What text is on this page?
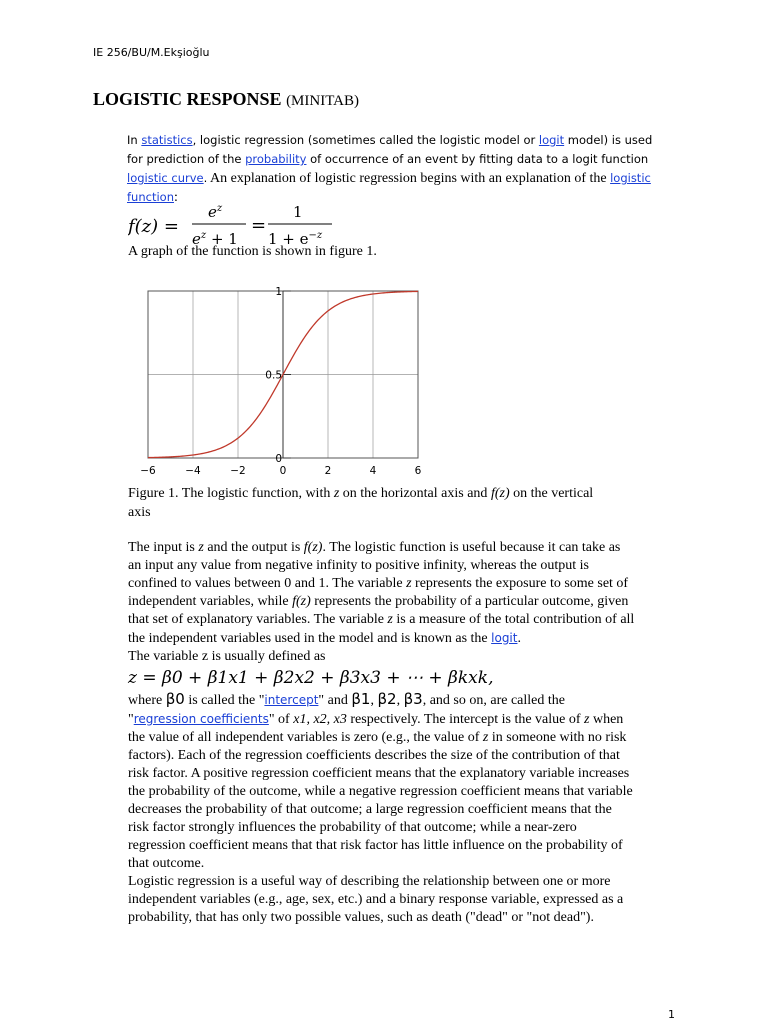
IE 256/BU/M.Ekşioğlu
LOGISTIC RESPONSE (MINITAB)
In statistics, logistic regression (sometimes called the logistic model or logit model) is used for prediction of the probability of occurrence of an event by fitting data to a logit function logistic curve. An explanation of logistic regression begins with an explanation of the logistic function:
f(z) =
$e^z$
$e^z + 1$
=
1
$1 + e^{-z}$
A graph of the function is shown in figure 1.
−6	−4	−2	0	2	4	6
0
0.5
1
Figure 1. The logistic function, with z on the horizontal axis and f(z) on the vertical axis

The input is z and the output is f(z). The logistic function is useful because it can take as an input any value from negative infinity to positive infinity, whereas the output is confined to values between 0 and 1. The variable z represents the exposure to some set of independent variables, while f(z) represents the probability of a particular outcome, given that set of explanatory variables. The variable z is a measure of the total contribution of all the independent variables used in the model and is known as the logit.

The variable z is usually defined as

z = β0 + β1x1 + β2x2 + β3x3 + ⋯ + βkxk,

where β0 is called the "intercept" and β1, β2, β3, and so on, are called the "regression coefficients" of x1, x2, x3 respectively. The intercept is the value of z when the value of all independent variables is zero (e.g., the value of z in someone with no risk factors). Each of the regression coefficients describes the size of the contribution of that risk factor. A positive regression coefficient means that the explanatory variable increases the probability of the outcome, while a negative regression coefficient means that variable decreases the probability of that outcome; a large regression coefficient means that the risk factor strongly influences the probability of that outcome; while a near-zero regression coefficient means that that risk factor has little influence on the probability of that outcome.

Logistic regression is a useful way of describing the relationship between one or more independent variables (e.g., age, sex, etc.) and a binary response variable, expressed as a probability, that has only two possible values, such as death ("dead" or "not dead").

1
